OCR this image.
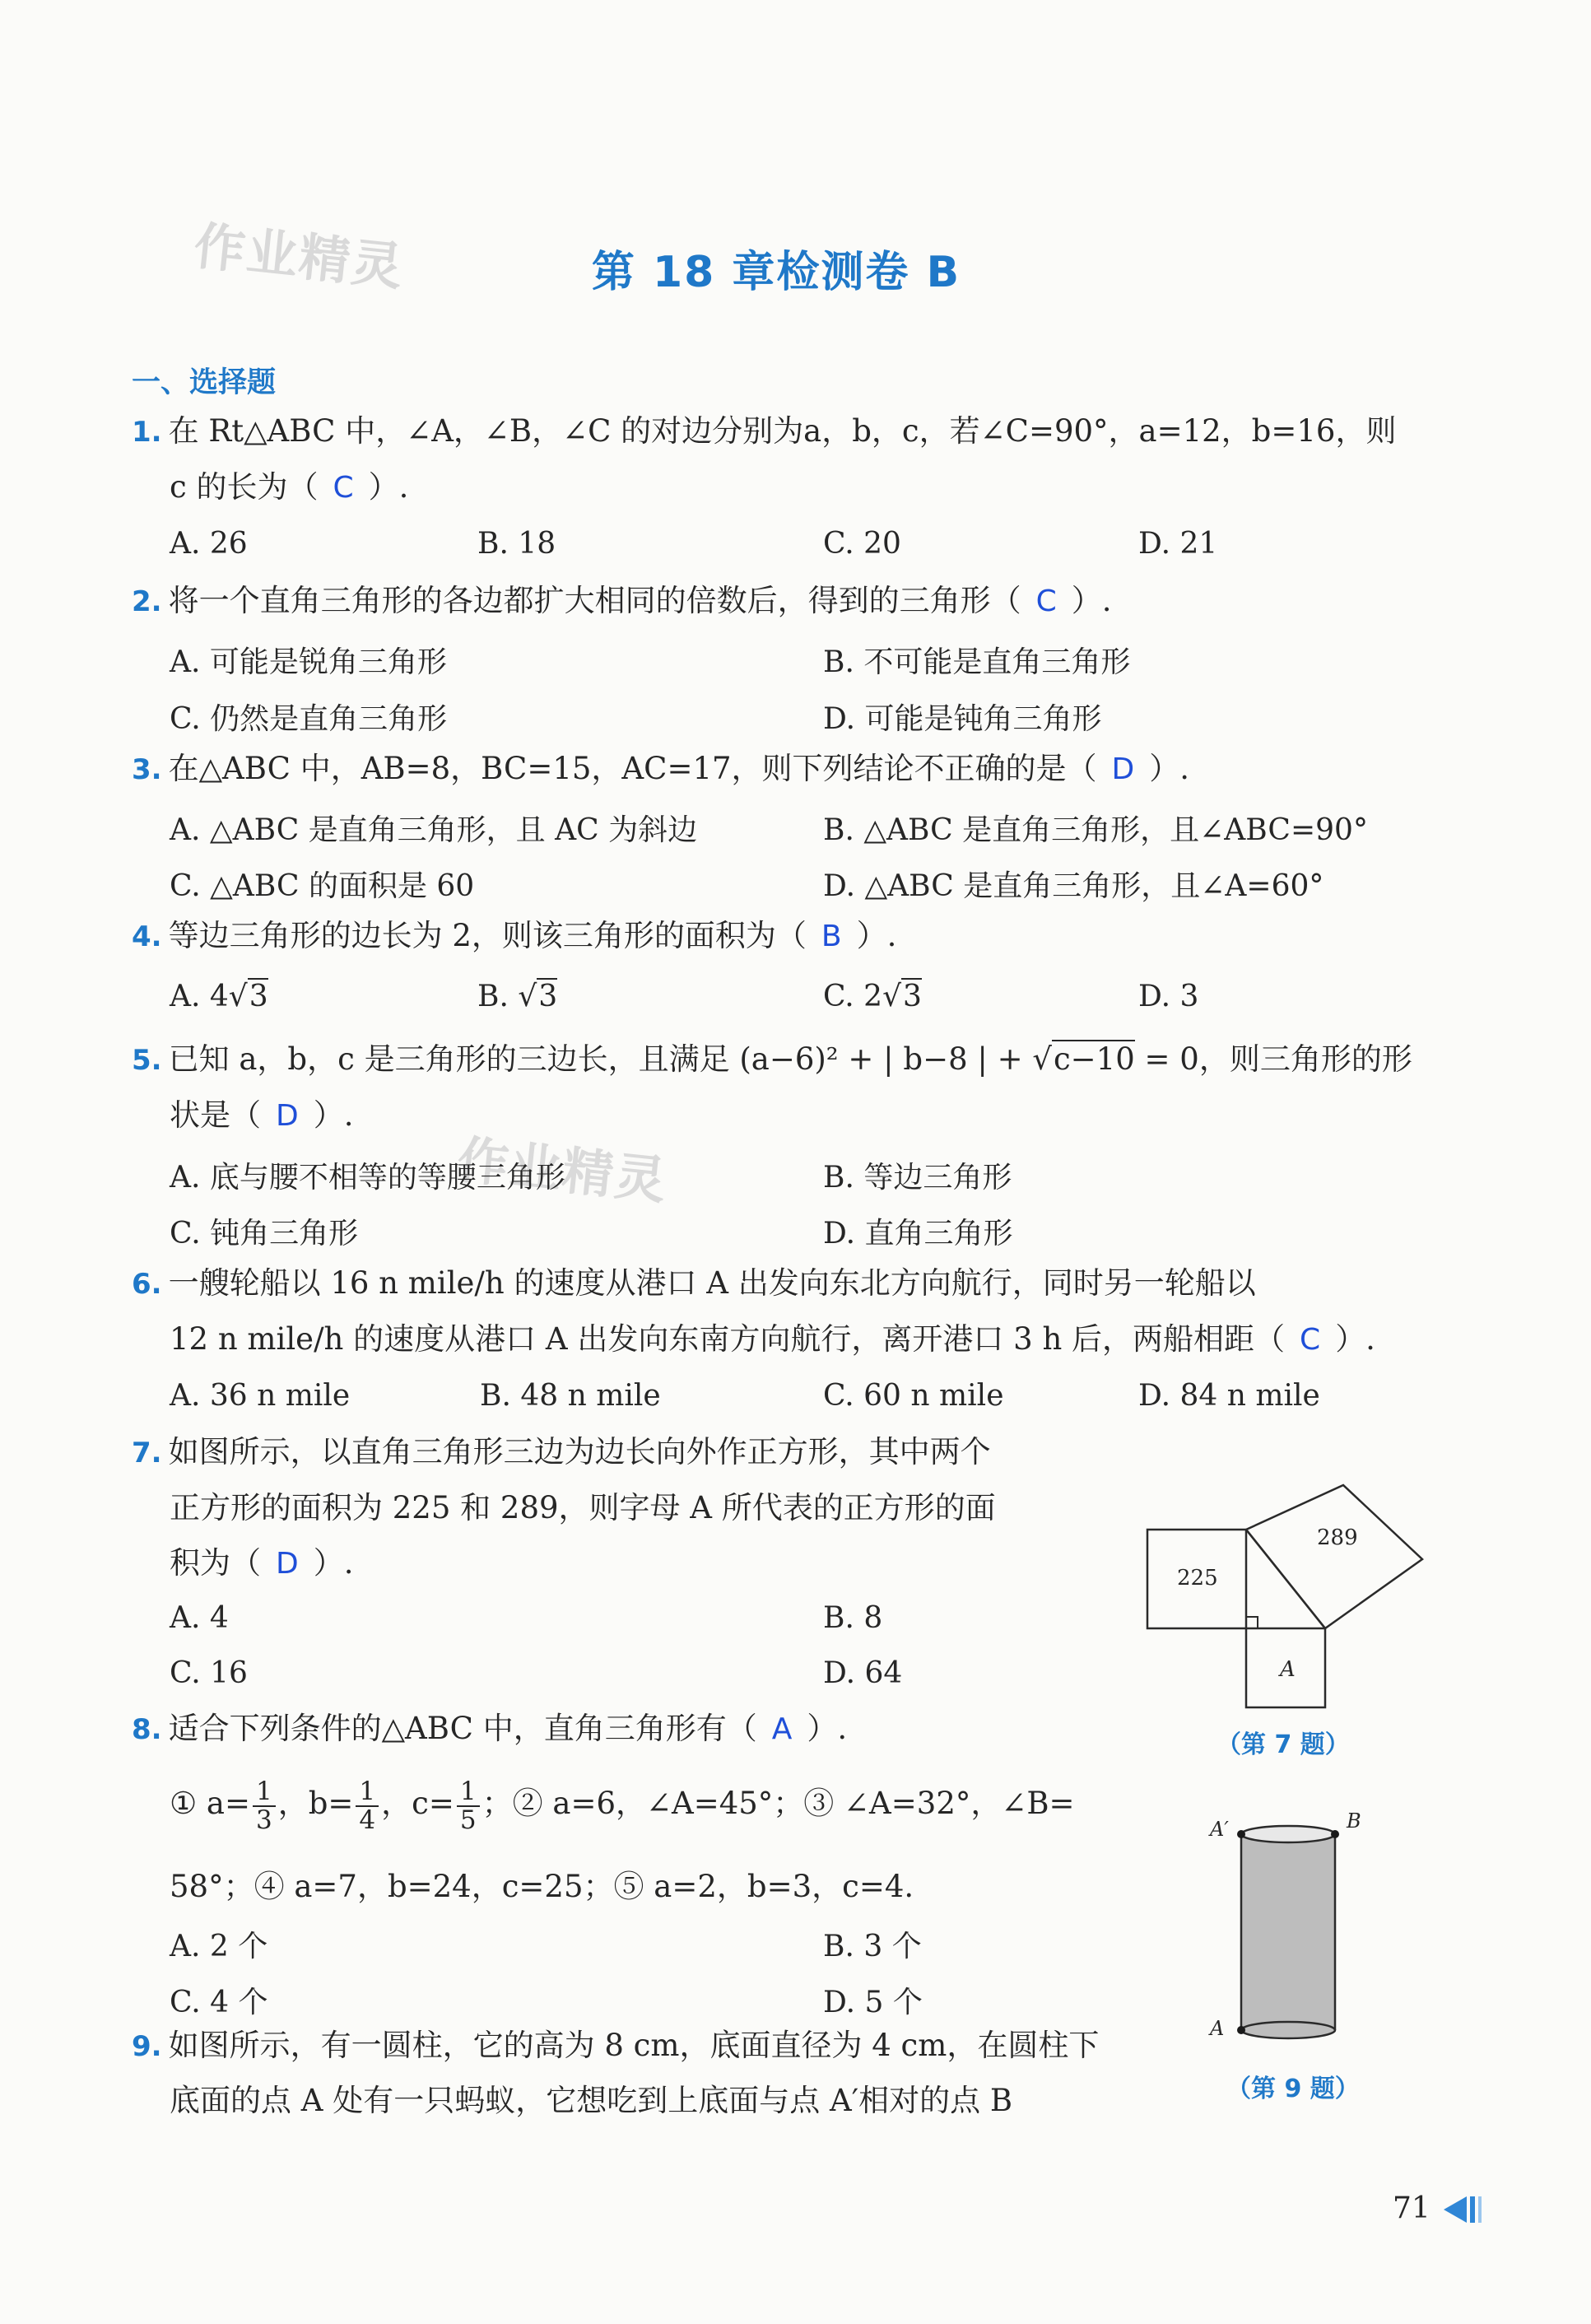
作业精灵
作业精灵
第 18 章检测卷 B
一、选择题
1. 在 Rt△ABC 中，∠A，∠B，∠C 的对边分别为a，b，c，若∠C=90°，a=12，b=16，则
c 的长为（ C ）.
A. 26	B. 18	C. 20	D. 21
2. 将一个直角三角形的各边都扩大相同的倍数后，得到的三角形（ C ）.
A. 可能是锐角三角形	B. 不可能是直角三角形
C. 仍然是直角三角形	D. 可能是钝角三角形
3. 在△ABC 中，AB=8，BC=15，AC=17，则下列结论不正确的是（ D ）.
A. △ABC 是直角三角形，且 AC 为斜边	B. △ABC 是直角三角形，且∠ABC=90°
C. △ABC 的面积是 60	D. △ABC 是直角三角形，且∠A=60°
4. 等边三角形的边长为 2，则该三角形的面积为（ B ）.
A. 4√3	B. √3	C. 2√3	D. 3
5. 已知 a，b，c 是三角形的三边长，且满足 (a−6)² + | b−8 | + √c−10 = 0，则三角形的形
状是（ D ）.
A. 底与腰不相等的等腰三角形	B. 等边三角形
C. 钝角三角形	D. 直角三角形
6. 一艘轮船以 16 n mile/h 的速度从港口 A 出发向东北方向航行，同时另一轮船以
12 n mile/h 的速度从港口 A 出发向东南方向航行，离开港口 3 h 后，两船相距（ C ）.
A. 36 n mile	B. 48 n mile	C. 60 n mile	D. 84 n mile
7. 如图所示，以直角三角形三边为边长向外作正方形，其中两个
正方形的面积为 225 和 289，则字母 A 所代表的正方形的面
积为（ D ）.
A. 4	B. 8
C. 16	D. 64
225
289
A
（第 7 题）
8. 适合下列条件的△ABC 中，直角三角形有（ A ）.
① $a= \frac{1}{3}$ ，$b= \frac{1}{4}$ ，$c= \frac{1}{5}$ ；② a=6，∠A=45°；③ ∠A=32°，∠B=
58°；④ a=7，b=24，c=25；⑤ a=2，b=3，c=4.
A. 2 个	B. 3 个
C. 4 个	D. 5 个
A′	B
A
（第 9 题）
9. 如图所示，有一圆柱，它的高为 8 cm，底面直径为 4 cm，在圆柱下
底面的点 A 处有一只蚂蚁，它想吃到上底面与点 A′相对的点 B
71
